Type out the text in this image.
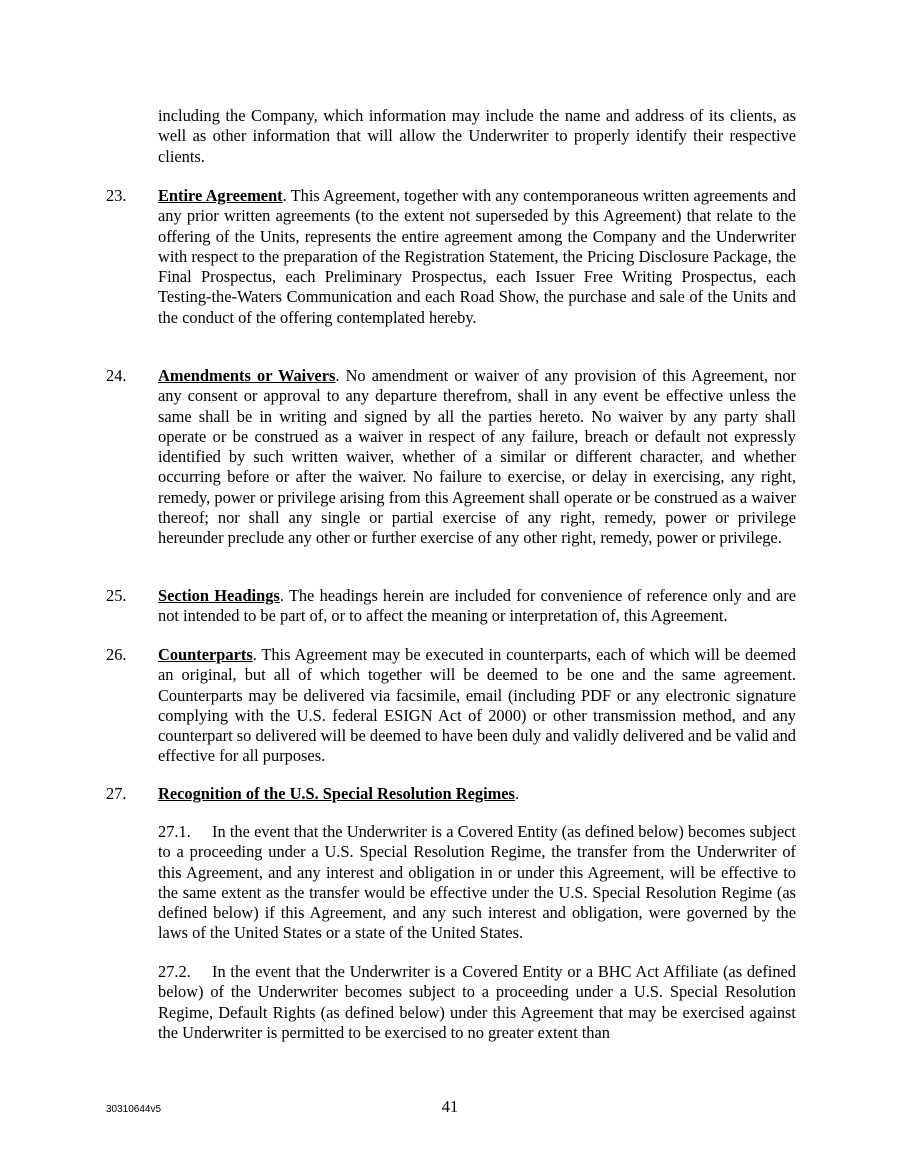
including the Company, which information may include the name and address of its clients, as well as other information that will allow the Underwriter to properly identify their respective clients.
23. Entire Agreement. This Agreement, together with any contemporaneous written agreements and any prior written agreements (to the extent not superseded by this Agreement) that relate to the offering of the Units, represents the entire agreement among the Company and the Underwriter with respect to the preparation of the Registration Statement, the Pricing Disclosure Package, the Final Prospectus, each Preliminary Prospectus, each Issuer Free Writing Prospectus, each Testing-the-Waters Communication and each Road Show, the purchase and sale of the Units and the conduct of the offering contemplated hereby.
24. Amendments or Waivers. No amendment or waiver of any provision of this Agreement, nor any consent or approval to any departure therefrom, shall in any event be effective unless the same shall be in writing and signed by all the parties hereto. No waiver by any party shall operate or be construed as a waiver in respect of any failure, breach or default not expressly identified by such written waiver, whether of a similar or different character, and whether occurring before or after the waiver. No failure to exercise, or delay in exercising, any right, remedy, power or privilege arising from this Agreement shall operate or be construed as a waiver thereof; nor shall any single or partial exercise of any right, remedy, power or privilege hereunder preclude any other or further exercise of any other right, remedy, power or privilege.
25. Section Headings. The headings herein are included for convenience of reference only and are not intended to be part of, or to affect the meaning or interpretation of, this Agreement.
26. Counterparts. This Agreement may be executed in counterparts, each of which will be deemed an original, but all of which together will be deemed to be one and the same agreement. Counterparts may be delivered via facsimile, email (including PDF or any electronic signature complying with the U.S. federal ESIGN Act of 2000) or other transmission method, and any counterpart so delivered will be deemed to have been duly and validly delivered and be valid and effective for all purposes.
27. Recognition of the U.S. Special Resolution Regimes.
27.1. In the event that the Underwriter is a Covered Entity (as defined below) becomes subject to a proceeding under a U.S. Special Resolution Regime, the transfer from the Underwriter of this Agreement, and any interest and obligation in or under this Agreement, will be effective to the same extent as the transfer would be effective under the U.S. Special Resolution Regime (as defined below) if this Agreement, and any such interest and obligation, were governed by the laws of the United States or a state of the United States.
27.2. In the event that the Underwriter is a Covered Entity or a BHC Act Affiliate (as defined below) of the Underwriter becomes subject to a proceeding under a U.S. Special Resolution Regime, Default Rights (as defined below) under this Agreement that may be exercised against the Underwriter is permitted to be exercised to no greater extent than
30310644v5	41
